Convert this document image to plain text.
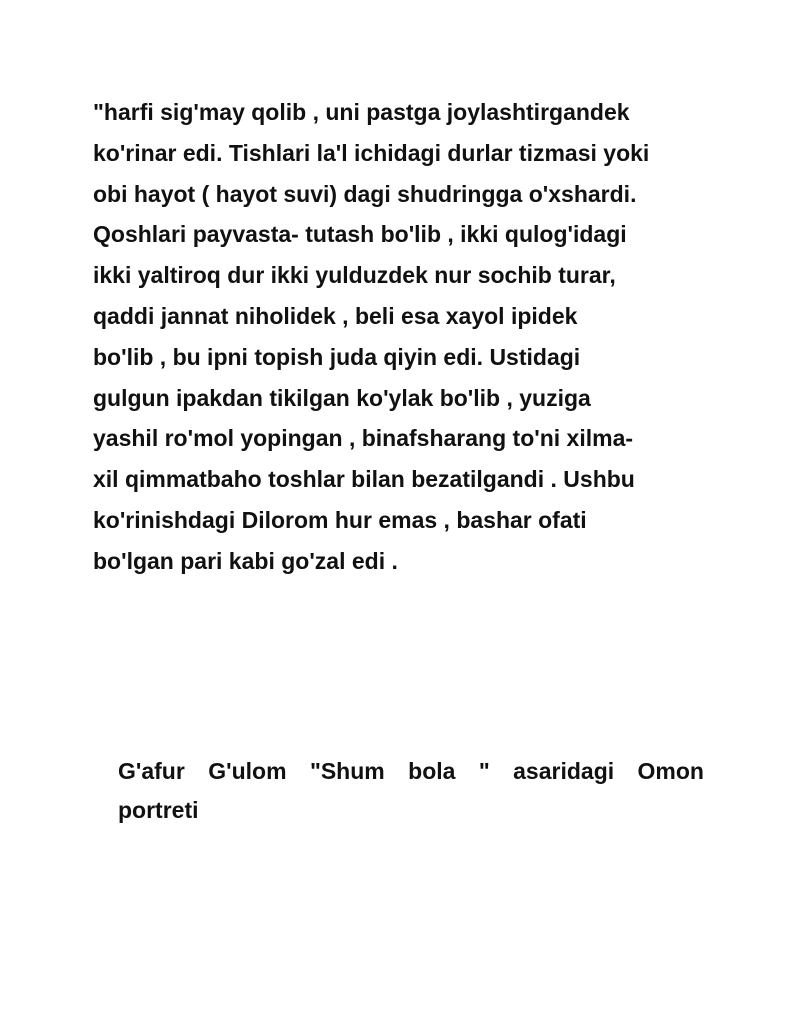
"harfi sig'may qolib , uni pastga joylashtirgandek
ko'rinar edi. Tishlari la'l ichidagi durlar tizmasi yoki
obi hayot ( hayot suvi) dagi shudringga o'xshardi.
Qoshlari payvasta- tutash bo'lib , ikki qulog'idagi
ikki yaltiroq dur ikki yulduzdek nur sochib turar,
qaddi jannat niholidek , beli esa xayol ipidek
bo'lib , bu ipni topish juda qiyin edi. Ustidagi
gulgun ipakdan tikilgan ko'ylak bo'lib , yuziga
yashil ro'mol yopingan , binafsharang to'ni xilma-
xil qimmatbaho toshlar bilan bezatilgandi . Ushbu
ko'rinishdagi Dilorom hur emas , bashar ofati
bo'lgan pari kabi go'zal edi .

G'afur G'ulom "Shum bola " asaridagi Omon
portreti
